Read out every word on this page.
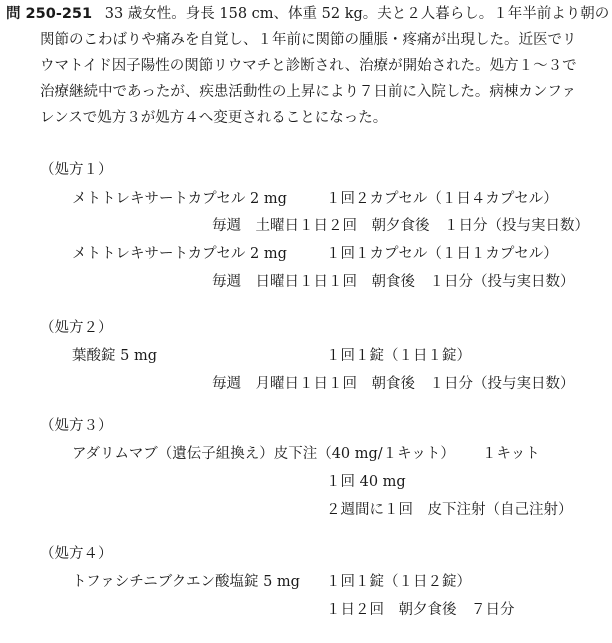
問 250-251 33 歳女性。身長 158 cm、体重 52 kg。夫と２人暮らし。１年半前より朝の
関節のこわばりや痛みを自覚し、１年前に関節の腫脹・疼痛が出現した。近医でリ
ウマトイド因子陽性の関節リウマチと診断され、治療が開始された。処方１～３で
治療継続中であったが、疾患活動性の上昇により７日前に入院した。病棟カンファ
レンスで処方３が処方４へ変更されることになった。
（処方１）
メトトレキサートカプセル 2 mg	１回２カプセル（１日４カプセル）
毎週　土曜日１日２回　朝夕食後　１日分（投与実日数）
メトトレキサートカプセル 2 mg	１回１カプセル（１日１カプセル）
毎週　日曜日１日１回　朝食後　１日分（投与実日数）
（処方２）
葉酸錠 5 mg	１回１錠（１日１錠）
毎週　月曜日１日１回　朝食後　１日分（投与実日数）
（処方３）
アダリムマブ（遺伝子組換え）皮下注（40 mg/１キット） １キット
１回 40 mg
２週間に１回　皮下注射（自己注射）
（処方４）
トファシチニブクエン酸塩錠 5 mg １回１錠（１日２錠）
１日２回　朝夕食後　７日分
